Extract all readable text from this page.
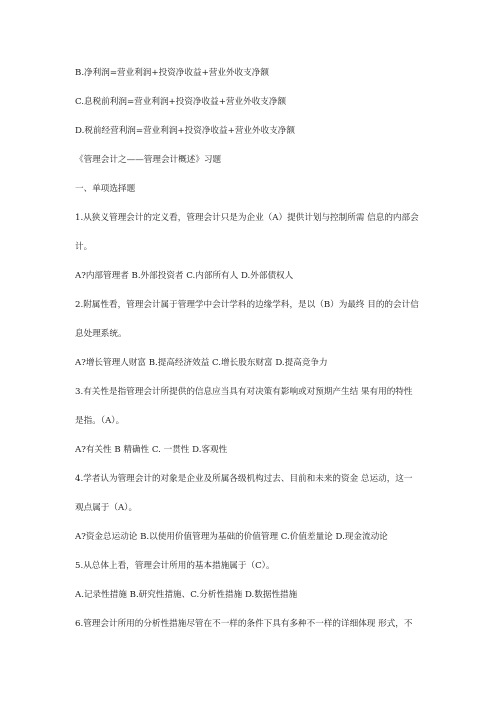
B.净利润=营业利润+投资净收益+营业外收支净额
C.息税前利润=营业利润+投资净收益+营业外收支净额
D.税前经营利润=营业利润+投资净收益+营业外收支净额
《管理会计之——管理会计概述》习题
一、单项选择题
1.从狭义管理会计的定义看，管理会计只是为企业（A）提供计划与控制所需 信息的内部会
计。
A?内部管理者 B.外部投资者 C.内部所有人 D.外部债权人
2.附属性看，管理会计属于管理学中会计学科的边缘学科，是以（B）为最终 目的的会计信
息处理系统。
A?增长管理人财富 B.提高经济效益 C.增长股东财富 D.提高竞争力
3.有关性是指管理会计所提供的信息应当具有对决策有影响或对预期产生结 果有用的特性
是指。（A）。
A?有关性 B 精确性 C. 一贯性 D.客观性
4.学者认为管理会计的对象是企业及所属各级机构过去、目前和未来的资金 总运动，这一
观点属于（A）。
A?资金总运动论 B.以使用价值管理为基础的价值管理 C.价值差量论 D.现金流动论
5.从总体上看，管理会计所用的基本措施属于（C）。
A.记录性措施 B.研究性措施、C.分析性措施 D.数据性措施
6.管理会计所用的分析性措施尽管在不一样的条件下具有多种不一样的详细体现 形式，不
